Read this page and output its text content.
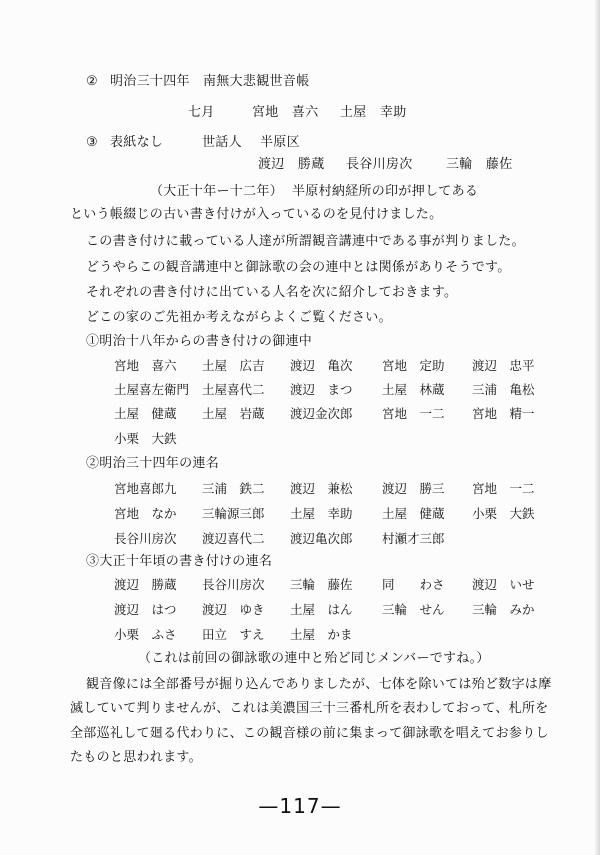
② 明治三十四年 南無大悲観世音帳
七月	宮地　喜六 土屋　幸助
③ 表紙なし	世話人 半原区
渡辺　勝蔵 長谷川房次	三輪　藤佐
（大正十年ー十二年） 半原村納経所の印が押してある
という帳綴じの古い書き付けが入っているのを見付けました。
この書き付けに載っている人達が所謂観音講連中である事が判りました。
どうやらこの観音講連中と御詠歌の会の連中とは関係がありそうです。
それぞれの書き付けに出ている人名を次に紹介しておきます。
どこの家のご先祖か考えながらよくご覧ください。
①明治十八年からの書き付けの御連中
宮地　喜六 土屋　広吉 渡辺　亀次 宮地　定助 渡辺　忠平
土屋喜左衛門 土屋喜代二 渡辺　まつ 土屋　林蔵 三浦　亀松
土屋　健蔵 土屋　岩蔵 渡辺金次郎 宮地　一二 宮地　精一
小栗　大鉄
②明治三十四年の連名
宮地喜郎九 三浦　鉄二 渡辺　兼松 渡辺　勝三 宮地　一二
宮地　なか 三輪源三郎 土屋　幸助 土屋　健蔵 小栗　大鉄
長谷川房次 渡辺喜代二 渡辺亀次郎 村瀬才三郎
③大正十年頃の書き付けの連名
渡辺　勝蔵 長谷川房次 三輪　藤佐 同　　わさ 渡辺　いせ
渡辺　はつ 渡辺　ゆき 土屋　はん 三輪　せん 三輪　みか
小栗　ふさ 田立　すえ 土屋　かま
（これは前回の御詠歌の連中と殆ど同じメンバーですね。）
観音像には全部番号が掘り込んでありましたが、七体を除いては殆ど数字は摩
滅していて判りませんが、これは美濃国三十三番札所を表わしておって、札所を
全部巡礼して廻る代わりに、この観音様の前に集まって御詠歌を唱えてお参りし
たものと思われます。
—117—
